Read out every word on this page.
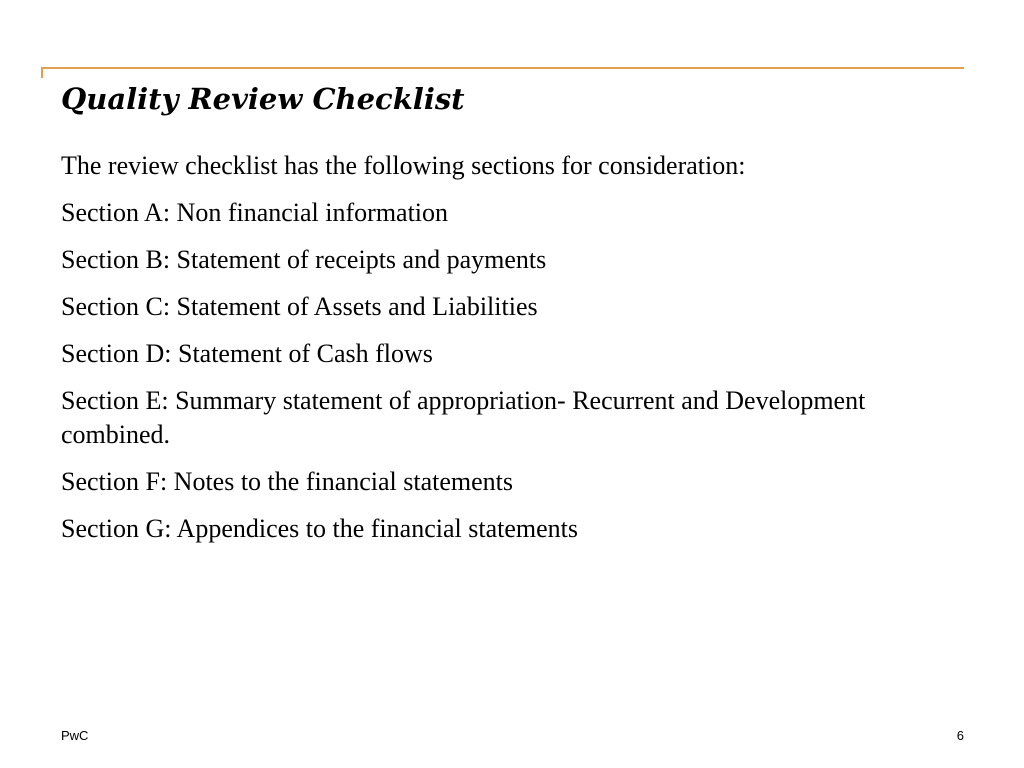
Quality Review Checklist

The review checklist has the following sections for consideration:

Section A: Non financial information

Section B: Statement of receipts and payments

Section C: Statement of Assets and Liabilities

Section D: Statement of Cash flows

Section E: Summary statement of appropriation- Recurrent and Development combined.

Section F: Notes to the financial statements

Section G: Appendices to the financial statements

PwC	6
